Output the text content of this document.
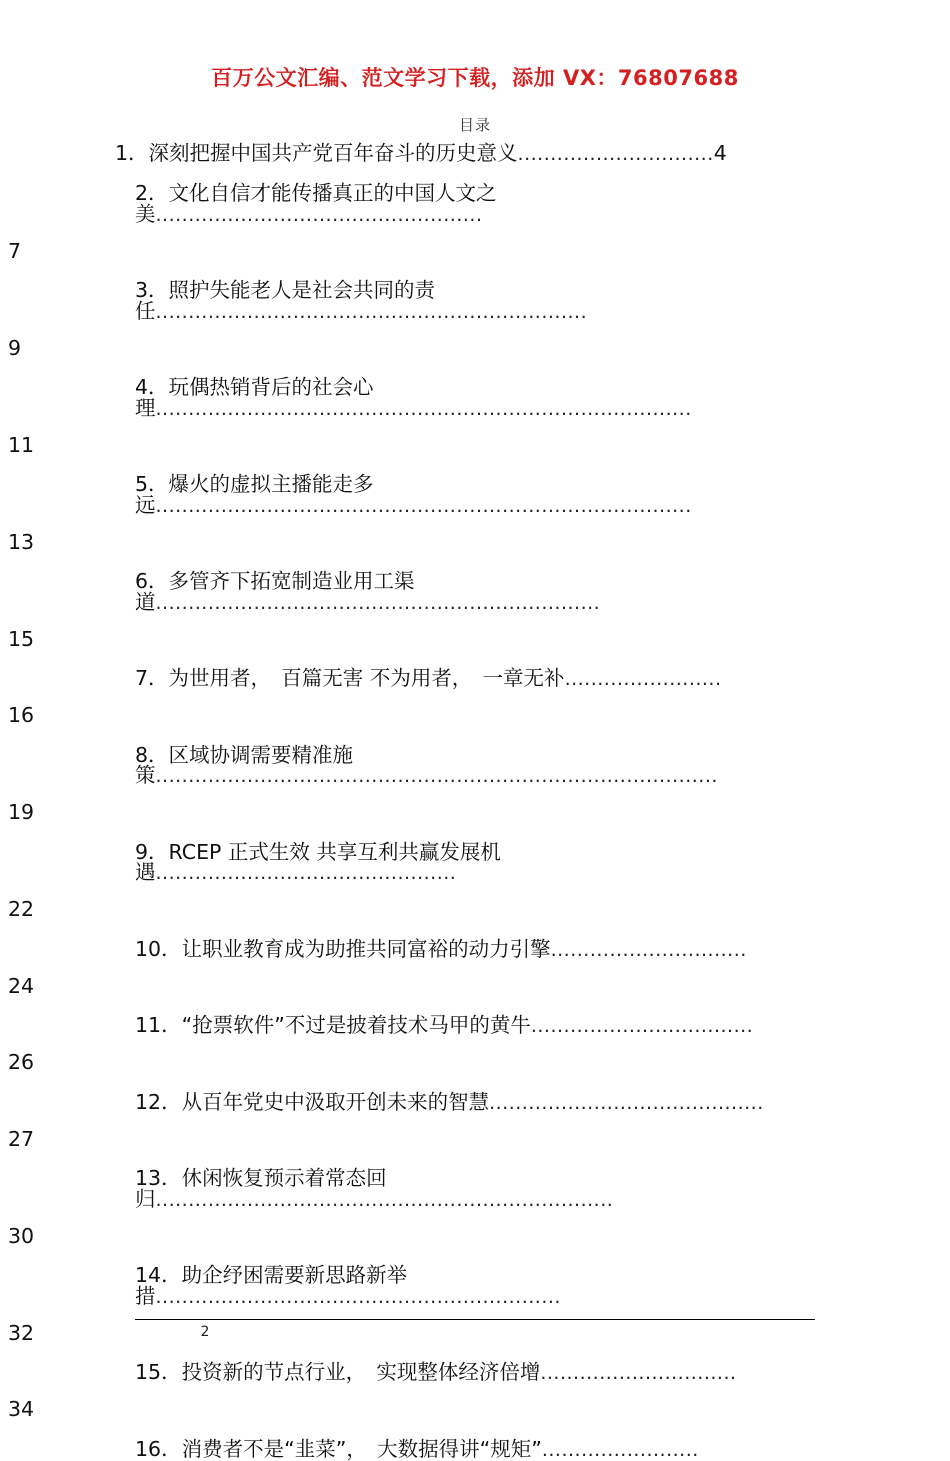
百万公文汇编、范文学习下载，添加 VX：76807688
目录
1．深刻把握中国共产党百年奋斗的历史意义..............................4
2．文化自信才能传播真正的中国人文之美..................................................
7
3．照护失能老人是社会共同的责任..................................................................
9
4．玩偶热销背后的社会心理..................................................................................
11
5．爆火的虚拟主播能走多远..................................................................................
13
6．多管齐下拓宽制造业用工渠道....................................................................
15
7．为世用者，　百篇无害 不为用者，　一章无补........................
16
8．区域协调需要精准施策......................................................................................
19
9．RCEP 正式生效 共享互利共赢发展机遇..............................................
22
10．让职业教育成为助推共同富裕的动力引擎..............................
24
11．“抢票软件”不过是披着技术马甲的黄牛..................................
26
12．从百年党史中汲取开创未来的智慧..........................................
27
13．休闲恢复预示着常态回归......................................................................
30
14．助企纾困需要新思路新举措..............................................................
32
15．投资新的节点行业，　实现整体经济倍增..............................
34
16．消费者不是“韭菜”，　大数据得讲“规矩”........................
2
